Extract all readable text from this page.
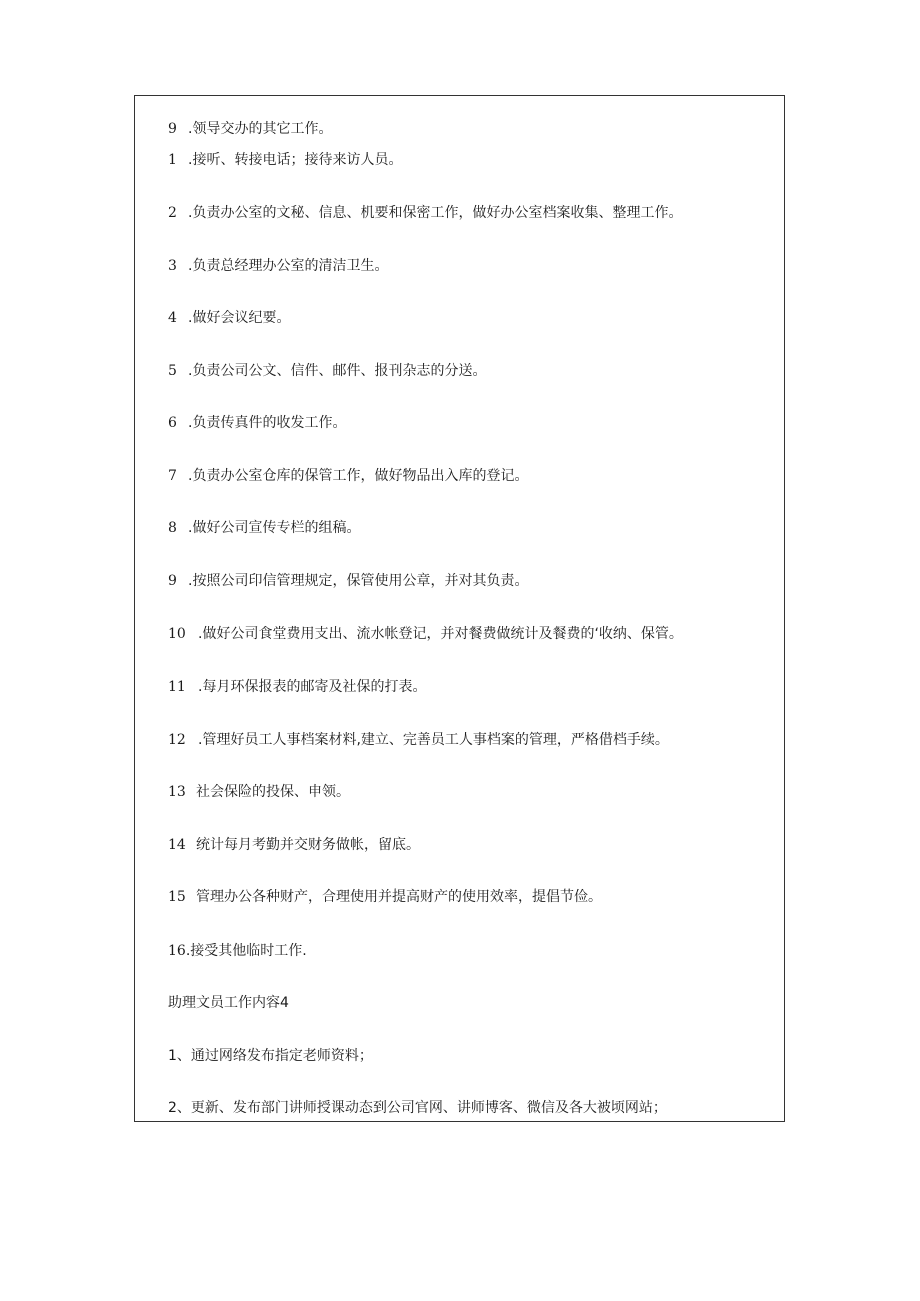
9 .领导交办的其它工作。
1 .接听、转接电话；接待来访人员。
2 .负责办公室的文秘、信息、机要和保密工作，做好办公室档案收集、整理工作。
3 .负责总经理办公室的清洁卫生。
4 .做好会议纪要。
5 .负责公司公文、信件、邮件、报刊杂志的分送。
6 .负责传真件的收发工作。
7 .负责办公室仓库的保管工作，做好物品出入库的登记。
8 .做好公司宣传专栏的组稿。
9 .按照公司印信管理规定，保管使用公章，并对其负责。
10 .做好公司食堂费用支出、流水帐登记，并对餐费做统计及餐费的‘收纳、保管。
11 .每月环保报表的邮寄及社保的打表。
12 .管理好员工人事档案材料,建立、完善员工人事档案的管理，严格借档手续。
13 社会保险的投保、申领。
14 统计每月考勤并交财务做帐，留底。
15 管理办公各种财产，合理使用并提高财产的使用效率，提倡节俭。
16.接受其他临时工作.
助理文员工作内容4
1、通过网络发布指定老师资料；
2、更新、发布部门讲师授课动态到公司官网、讲师博客、微信及各大被顷网站；
